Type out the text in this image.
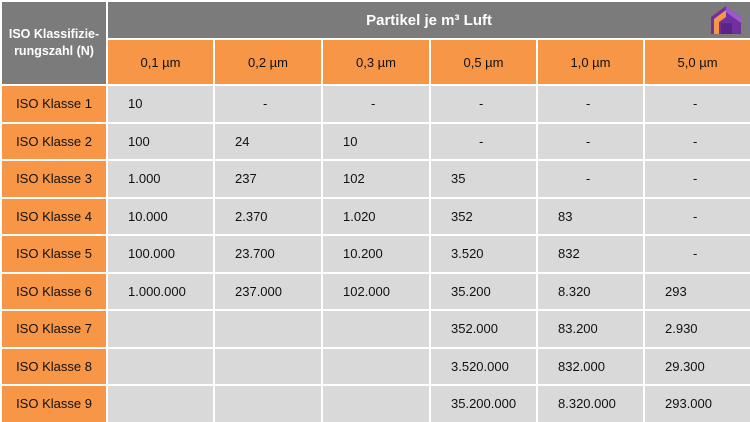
ISO Klassifizie-
rungszahl (N)	Partikel je m³ Luft					

	0,1 µm	0,2 µm	0,3 µm	0,5 µm	1,0 µm	5,0 µm
ISO Klasse 1	10	-	-	-	-	-
ISO Klasse 2	100	24	10	-	-	-
ISO Klasse 3	1.000	237	102	35	-	-
ISO Klasse 4	10.000	2.370	1.020	352	83	-
ISO Klasse 5	100.000	23.700	10.200	3.520	832	-
ISO Klasse 6	1.000.000	237.000	102.000	35.200	8.320	293
ISO Klasse 7				352.000	83.200	2.930
ISO Klasse 8				3.520.000	832.000	29.300
ISO Klasse 9				35.200.000	8.320.000	293.000
